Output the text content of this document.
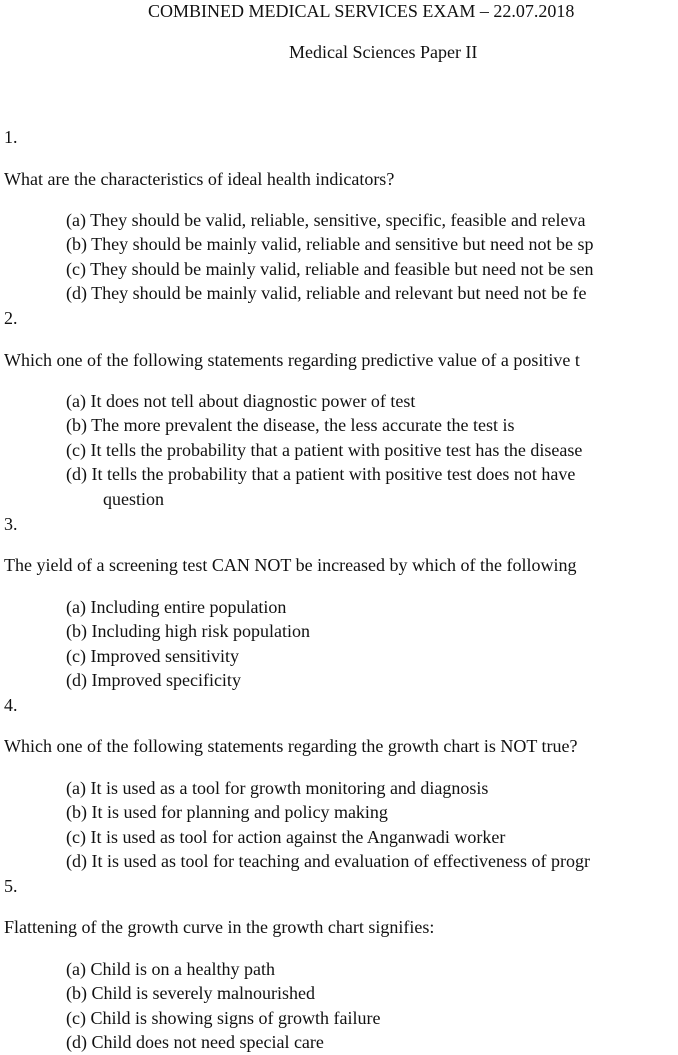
COMBINED MEDICAL SERVICES EXAM – 22.07.2018
Medical Sciences Paper II
1.
What are the characteristics of ideal health indicators?
(a) They should be valid, reliable, sensitive, specific, feasible and releva
(b) They should be mainly valid, reliable and sensitive but need not be sp
(c) They should be mainly valid, reliable and feasible but need not be sen
(d) They should be mainly valid, reliable and relevant but need not be fe
2.
Which one of the following statements regarding predictive value of a positive t
(a) It does not tell about diagnostic power of test
(b) The more prevalent the disease, the less accurate the test is
(c) It tells the probability that a patient with positive test has the disease
(d) It tells the probability that a patient with positive test does not have
question
3.
The yield of a screening test CAN NOT be increased by which of the following
(a) Including entire population
(b) Including high risk population
(c) Improved sensitivity
(d) Improved specificity
4.
Which one of the following statements regarding the growth chart is NOT true?
(a) It is used as a tool for growth monitoring and diagnosis
(b) It is used for planning and policy making
(c) It is used as tool for action against the Anganwadi worker
(d) It is used as tool for teaching and evaluation of effectiveness of progr
5.
Flattening of the growth curve in the growth chart signifies:
(a) Child is on a healthy path
(b) Child is severely malnourished
(c) Child is showing signs of growth failure
(d) Child does not need special care
